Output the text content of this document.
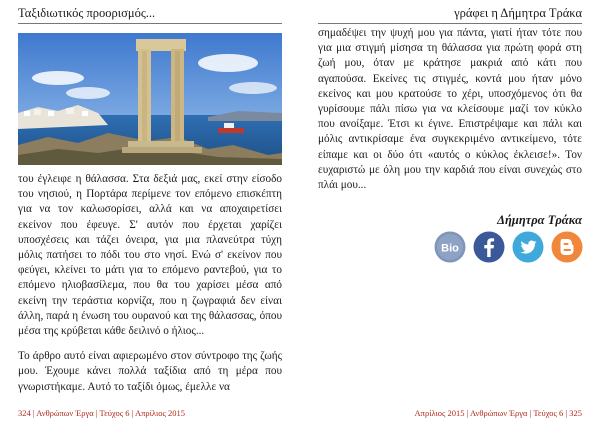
Ταξιδιωτικός προορισμός...

του έγλειφε η θάλασσα. Στα δεξιά μας, εκεί στην είσοδο του νησιού, η Πορτάρα περίμενε τον επόμενο επισκέπτη για να τον καλωσορίσει, αλλά και να αποχαιρετίσει εκείνον που έφευγε. Σ' αυτόν που έρχεται χαρίζει υποσχέσεις και τάζει όνειρα, για μια πλανεύτρα τύχη μόλις πατήσει το πόδι του στο νησί. Ενώ σ' εκείνον που φεύγει, κλείνει το μάτι για το επόμενο ραντεβού, για το επόμενο ηλιοβασίλεμα, που θα του χαρίσει μέσα από εκείνη την τεράστια κορνίζα, που η ζωγραφιά δεν είναι άλλη, παρά η ένωση του ουρανού και της θάλασσας, όπου μέσα της κρύβεται κάθε δειλινό ο ήλιος...

Το άρθρο αυτό είναι αφιερωμένο στον σύντροφο της ζωής μου. Έχουμε κάνει πολλά ταξίδια από τη μέρα που γνωριστήκαμε. Αυτό το ταξίδι όμως, έμελλε να

324 | Ανθρώπων Έργα | Τεύχος 6 | Απρίλιος 2015
γράφει η Δήμητρα Τράκα

σημαδέψει την ψυχή μου για πάντα, γιατί ήταν τότε που για μια στιγμή μίσησα τη θάλασσα για πρώτη φορά στη ζωή μου, όταν με κράτησε μακριά από κάτι που αγαπούσα. Εκείνες τις στιγμές, κοντά μου ήταν μόνο εκείνος και μου κρατούσε το χέρι, υποσχόμενος ότι θα γυρίσουμε πάλι πίσω για να κλείσουμε μαζί τον κύκλο που ανοίξαμε. Έτσι κι έγινε. Επιστρέψαμε και πάλι και μόλις αντικρίσαμε ένα συγκεκριμένο αντικείμενο, τότε είπαμε και οι δύο ότι «αυτός ο κύκλος έκλεισε!». Τον ευχαριστώ με όλη μου την καρδιά που είναι συνεχώς στο πλάι μου...

Δήμητρα Τράκα
Bio
Απρίλιος 2015 | Ανθρώπων Έργα | Τεύχος 6 | 325
